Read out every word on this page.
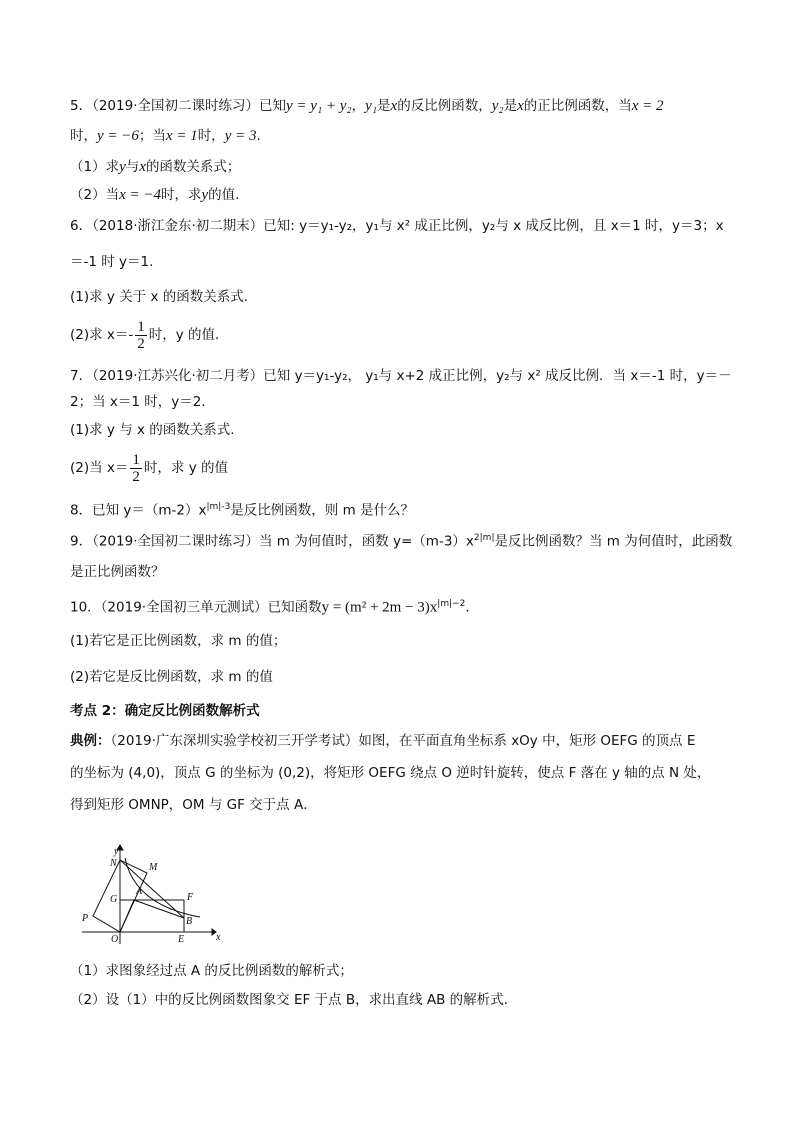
5．（2019·全国初二课时练习）已知y = y₁ + y₂，y₁是x的反比例函数，y₂是x的正比例函数，当x = 2
时，y = −6；当x = 1时，y = 3.
（1）求y与x的函数关系式；
（2）当x = −4时，求y的值.
6．（2018·浙江金东·初二期末）已知: y＝y₁-y₂，y₁与 x² 成正比例，y₂与 x 成反比例，且 x＝1 时，y＝3；x
＝-1 时 y＝1．
(1)求 y 关于 x 的函数关系式．
(2)求 $x=- \frac{1}{2}$ 时，y 的值．
7．（2019·江苏兴化·初二月考）已知 y＝y₁-y₂， y₁与 x+2 成正比例，y₂与 x² 成反比例．当 x＝-1 时，y＝－
2；当 x＝1 时，y＝2．
(1)求 y 与 x 的函数关系式.
(2)当 $x= \frac{1}{2}$ 时，求 y 的值
8．已知 $y=(m-2)x^{|m|-3}$是反比例函数，则 m 是什么？
9．（2019·全国初二课时练习）当 m 为何值时，函数 $y=(m-3)x^{2|m|}$是反比例函数？当 m 为何值时，此函数
是正比例函数？
10．（2019·全国初三单元测试）已知函数$y = (m^2 + 2m - 3)x^{|m|-2}$．
(1)若它是正比例函数，求 m 的值；
(2)若它是反比例函数，求 m 的值
考点 2：确定反比例函数解析式
典例：（2019·广东深圳实验学校初三开学考试）如图，在平面直角坐标系 xOy 中，矩形 OEFG 的顶点 E
的坐标为 (4,0)，顶点 G 的坐标为 (0,2)，将矩形 OEFG 绕点 O 逆时针旋转，使点 F 落在 y 轴的点 N 处，
得到矩形 OMNP，OM 与 GF 交于点 A．
y
x
O
N	M
G
A
F
P	B
E
（1）求图象经过点 A 的反比例函数的解析式；
（2）设（1）中的反比例函数图象交 EF 于点 B，求出直线 AB 的解析式．
